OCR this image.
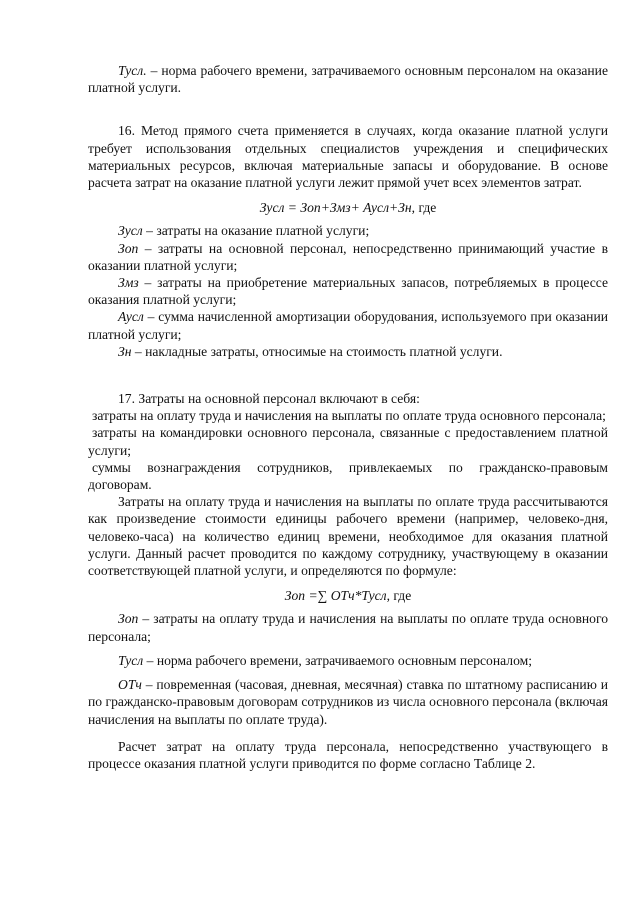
Тусл. – норма рабочего времени, затрачиваемого основным персоналом на оказание платной услуги.

16. Метод прямого счета применяется в случаях, когда оказание платной услуги требует использования отдельных специалистов учреждения и специфических материальных ресурсов, включая материальные запасы и оборудование. В основе расчета затрат на оказание платной услуги лежит прямой учет всех элементов затрат.

Зусл = Зоп+Змз+ Аусл+Зн, где

Зусл – затраты на оказание платной услуги;

Зоп – затраты на основной персонал, непосредственно принимающий участие в оказании платной услуги;

Змз – затраты на приобретение материальных запасов, потребляемых в процессе оказания платной услуги;

Аусл – сумма начисленной амортизации оборудования, используемого при оказании платной услуги;

Зн – накладные затраты, относимые на стоимость платной услуги.

17. Затраты на основной персонал включают в себя:

затраты на оплату труда и начисления на выплаты по оплате труда основного персонала;

затраты на командировки основного персонала, связанные с предоставлением платной услуги;

суммы вознаграждения сотрудников, привлекаемых по гражданско-правовым договорам.

Затраты на оплату труда и начисления на выплаты по оплате труда рассчитываются как произведение стоимости единицы рабочего времени (например, человеко-дня, человеко-часа) на количество единиц времени, необходимое для оказания платной услуги. Данный расчет проводится по каждому сотруднику, участвующему в оказании соответствующей платной услуги, и определяются по формуле:

Зоп =∑ ОТч*Тусл, где

Зоп – затраты на оплату труда и начисления на выплаты по оплате труда основного персонала;

Тусл – норма рабочего времени, затрачиваемого основным персоналом;

ОТч – повременная (часовая, дневная, месячная) ставка по штатному расписанию и по гражданско-правовым договорам сотрудников из числа основного персонала (включая начисления на выплаты по оплате труда).

Расчет затрат на оплату труда персонала, непосредственно участвующего в процессе оказания платной услуги приводится по форме согласно Таблице 2.
